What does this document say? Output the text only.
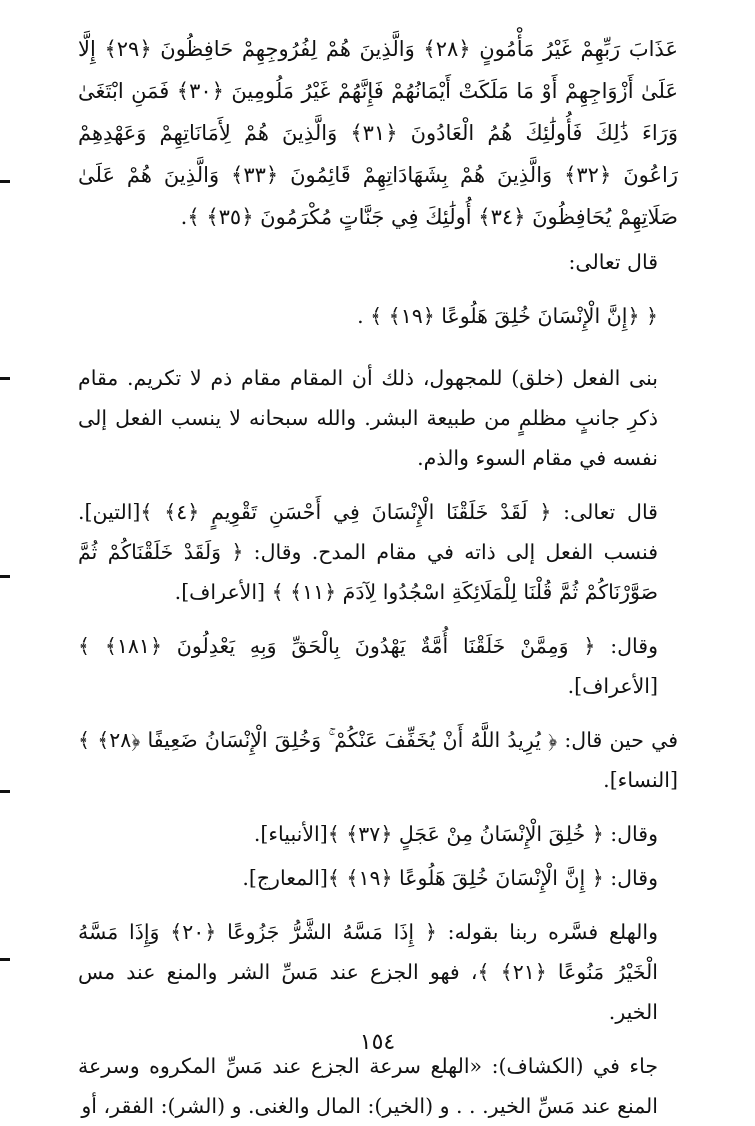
عَذَابَ رَبِّهِمْ غَيْرُ مَأْمُونٍ ﴿٢٨﴾ وَالَّذِينَ هُمْ لِفُرُوجِهِمْ حَافِظُونَ ﴿٢٩﴾ إِلَّا عَلَىٰ أَزْوَاجِهِمْ أَوْ مَا مَلَكَتْ أَيْمَانُهُمْ فَإِنَّهُمْ غَيْرُ مَلُومِينَ ﴿٣٠﴾ فَمَنِ ابْتَغَىٰ وَرَاءَ ذَٰلِكَ فَأُولَٰئِكَ هُمُ الْعَادُونَ ﴿٣١﴾ وَالَّذِينَ هُمْ لِأَمَانَاتِهِمْ وَعَهْدِهِمْ رَاعُونَ ﴿٣٢﴾ وَالَّذِينَ هُمْ بِشَهَادَاتِهِمْ قَائِمُونَ ﴿٣٣﴾ وَالَّذِينَ هُمْ عَلَىٰ صَلَاتِهِمْ يُحَافِظُونَ ﴿٣٤﴾ أُولَٰئِكَ فِي جَنَّاتٍ مُكْرَمُونَ ﴿٣٥﴾ ﴾.

قال تعالى:

﴿ ﴿إِنَّ الْإِنْسَانَ خُلِقَ هَلُوعًا ﴿١٩﴾ ﴾ .

بنى الفعل (خلق) للمجهول، ذلك أن المقام مقام ذم لا تكريم. مقام ذكرِ جانبٍ مظلمٍ من طبيعة البشر. والله سبحانه لا ينسب الفعل إلى نفسه في مقام السوء والذم.

قال تعالى: ﴿ لَقَدْ خَلَقْنَا الْإِنْسَانَ فِي أَحْسَنِ تَقْوِيمٍ ﴿٤﴾ ﴾[التين]. فنسب الفعل إلى ذاته في مقام المدح. وقال: ﴿ وَلَقَدْ خَلَقْنَاكُمْ ثُمَّ صَوَّرْنَاكُمْ ثُمَّ قُلْنَا لِلْمَلَائِكَةِ اسْجُدُوا لِآدَمَ ﴿١١﴾ ﴾ [الأعراف].

وقال: ﴿ وَمِمَّنْ خَلَقْنَا أُمَّةٌ يَهْدُونَ بِالْحَقِّ وَبِهِ يَعْدِلُونَ ﴿١٨١﴾ ﴾ [الأعراف].

في حين قال: ﴿ يُرِيدُ اللَّهُ أَنْ يُخَفِّفَ عَنْكُمْ ۚ وَخُلِقَ الْإِنْسَانُ ضَعِيفًا ﴿٢٨﴾ ﴾ [النساء].

وقال: ﴿ خُلِقَ الْإِنْسَانُ مِنْ عَجَلٍ ﴿٣٧﴾ ﴾[الأنبياء].

وقال: ﴿ إِنَّ الْإِنْسَانَ خُلِقَ هَلُوعًا ﴿١٩﴾ ﴾[المعارج].

والهلع فسَّره ربنا بقوله: ﴿ إِذَا مَسَّهُ الشَّرُّ جَزُوعًا ﴿٢٠﴾ وَإِذَا مَسَّهُ الْخَيْرُ مَنُوعًا ﴿٢١﴾ ﴾، فهو الجزع عند مَسِّ الشر والمنع عند مس الخير.

جاء في (الكشاف): «الهلع سرعة الجزع عند مَسِّ المكروه وسرعة المنع عند مَسِّ الخير. . . و (الخير): المال والغنى. و (الشر): الفقر، أو

١٥٤
